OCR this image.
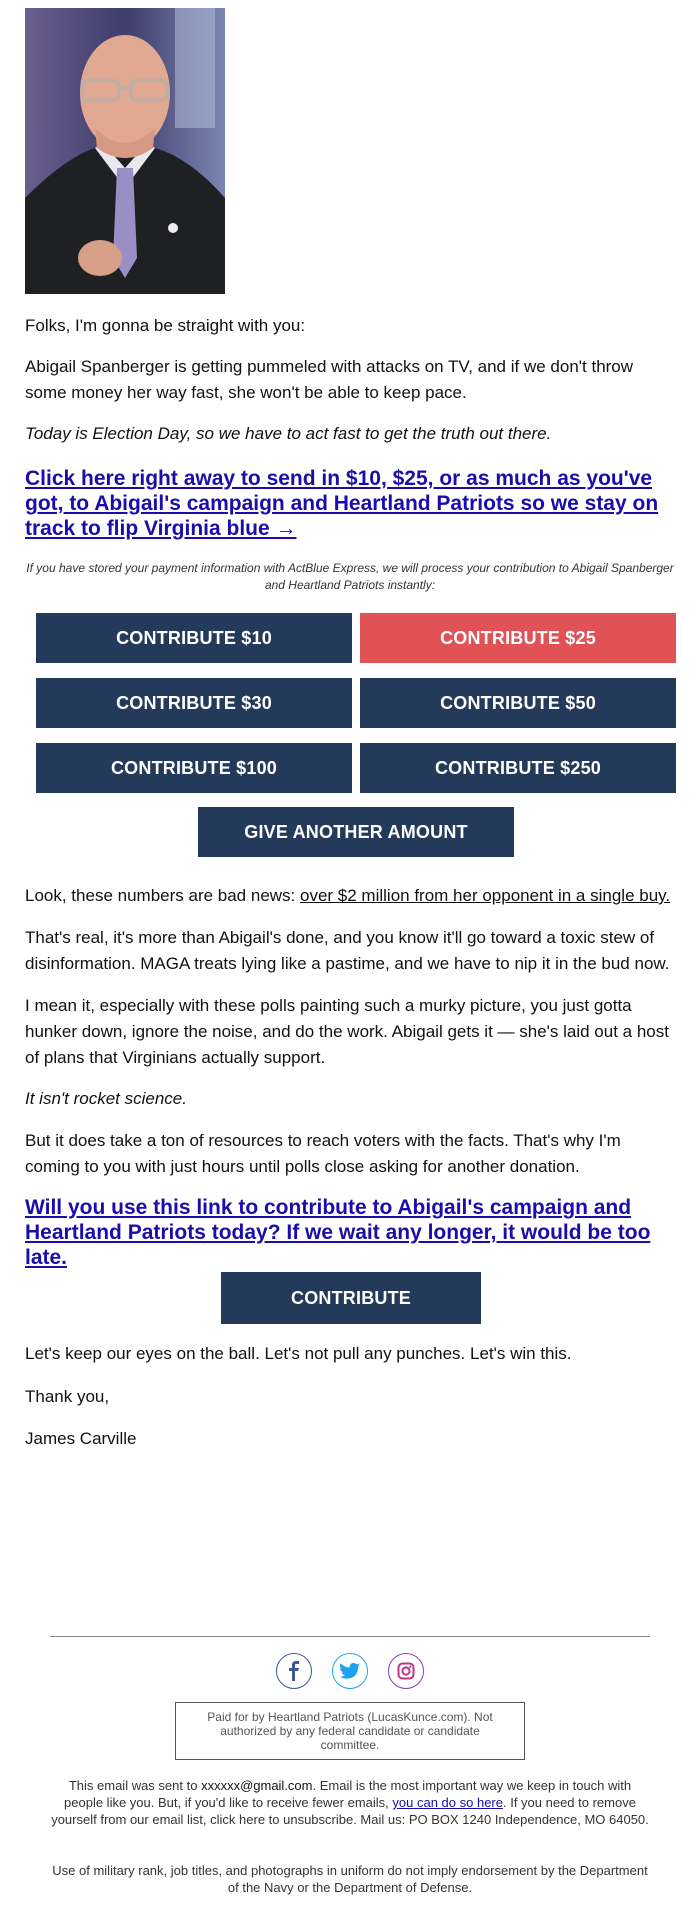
Folks, I'm gonna be straight with you:

Abigail Spanberger is getting pummeled with attacks on TV, and if we don't throw some money her way fast, she won't be able to keep pace.

Today is Election Day, so we have to act fast to get the truth out there.

Click here right away to send in $10, $25, or as much as you've got, to Abigail's campaign and Heartland Patriots so we stay on track to flip Virginia blue →
If you have stored your payment information with ActBlue Express, we will process your contribution to Abigail Spanberger and Heartland Patriots instantly:
CONTRIBUTE $10	CONTRIBUTE $25
CONTRIBUTE $30	CONTRIBUTE $50
CONTRIBUTE $100	CONTRIBUTE $250
GIVE ANOTHER AMOUNT

Look, these numbers are bad news: over $2 million from her opponent in a single buy.

That's real, it's more than Abigail's done, and you know it'll go toward a toxic stew of disinformation. MAGA treats lying like a pastime, and we have to nip it in the bud now.

I mean it, especially with these polls painting such a murky picture, you just gotta hunker down, ignore the noise, and do the work. Abigail gets it — she's laid out a host of plans that Virginians actually support.

It isn't rocket science.

But it does take a ton of resources to reach voters with the facts. That's why I'm coming to you with just hours until polls close asking for another donation.

Will you use this link to contribute to Abigail's campaign and Heartland Patriots today? If we wait any longer, it would be too late.
CONTRIBUTE

Let's keep our eyes on the ball. Let's not pull any punches. Let's win this.

Thank you,

James Carville

Paid for by Heartland Patriots (LucasKunce.com). Not authorized by any federal candidate or candidate committee.
This email was sent to xxxxxx@gmail.com. Email is the most important way we keep in touch with people like you. But, if you'd like to receive fewer emails, you can do so here. If you need to remove yourself from our email list, click here to unsubscribe. Mail us: PO BOX 1240 Independence, MO 64050.
Use of military rank, job titles, and photographs in uniform do not imply endorsement by the Department of the Navy or the Department of Defense.
